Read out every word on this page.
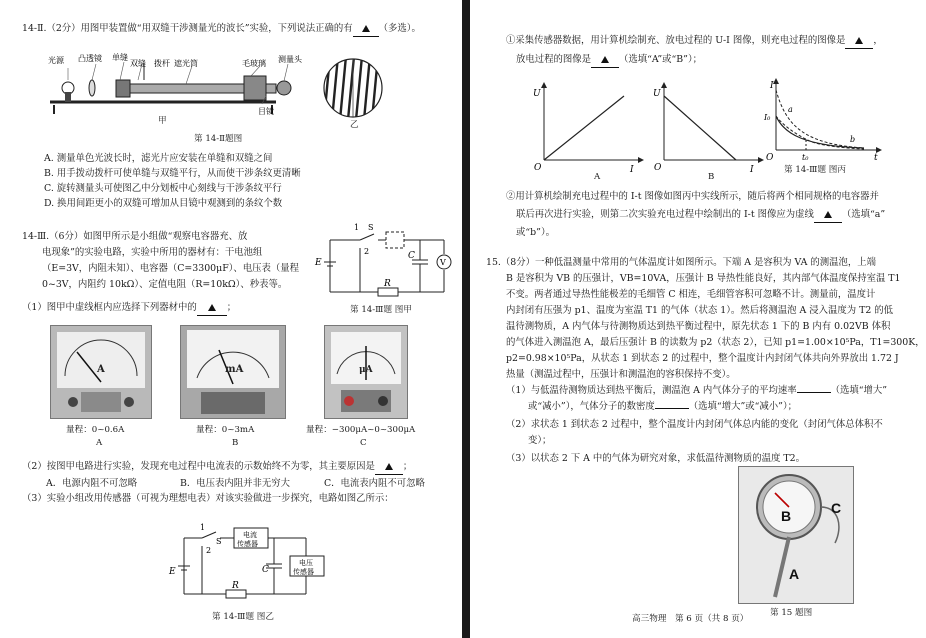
14-Ⅱ.（2分）用图甲装置做“用双缝干涉测量光的波长”实验，下列说法正确的有	（多选）。
光源 凸透镜 单缝
双缝 拨杆 遮光筒	毛玻璃 测量头
目镜
甲	乙
第 14-Ⅱ题图
A. 测量单色光波长时，滤光片应安装在单缝和双缝之间
B. 用手拨动拨杆可使单缝与双缝平行，从而使干涉条纹更清晰
C. 旋转测量头可使图乙中分划板中心刻线与干涉条纹平行
D. 换用间距更小的双缝可增加从目镜中观测到的条纹个数
14-Ⅲ.（6分）如图甲所示是小组做“观察电容器充、放
电现象”的实验电路，实验中所用的器材有：干电池组
（E=3V，内阻未知）、电容器（C=3300μF）、电压表（量程
0~3V，内阻约 10kΩ）、定值电阻（R=10kΩ）、秒表等。
1
2
S
E
C
R
V
第 14-Ⅲ题 图甲
（1）图甲中虚线框内应选择下列器材中的	；
A	mA	μA
量程：0~0.6A
A
量程：0~3mA
B
量程：−300μA~0~300μA
C
（2）按图甲电路进行实验，发现充电过程中电流表的示数始终不为零，其主要原因是	；
A．电源内阻不可忽略	B．电压表内阻并非无穷大	C．电流表内阻不可忽略
（3）实验小组改用传感器（可视为理想电表）对该实验做进一步探究，电路如图乙所示：
1
2
S
E	C
R
电流
传感器
电压
传感器
第 14-Ⅲ题 图乙
①采集传感器数据，用计算机绘制充、放电过程的 U-I 图像，则充电过程的图像是	，
放电过程的图像是	（选填“A”或“B”）；
U
O	I
A
U
O	I
B
I
I₀
a
b
O	t₀	t
第 14-Ⅲ题 图丙
②用计算机绘制充电过程中的 I-t 图像如图丙中实线所示，随后将两个相同规格的电容器并
联后再次进行实验，则第二次实验充电过程中绘制出的 I-t 图像应为虚线	（选填“a”
或“b”）。
15.（8分）一种低温测量中常用的气体温度计如图所示。下端 A 是容积为 VA 的测温泡，上端
B 是容积为 VB 的压强计，VB=10VA，压强计 B 导热性能良好，其内部气体温度保持室温 T1
不变。两者通过导热性能极差的毛细管 C 相连，毛细管容积可忽略不计。测量前，温度计
内封闭有压强为 p1、温度为室温 T1 的气体（状态 1）。然后将测温泡 A 浸入温度为 T2 的低
温待测物质，A 内气体与待测物质达到热平衡过程中，原先状态 1 下的 B 内有 0.02VB 体积
的气体进入测温泡 A，最后压强计 B 的读数为 p2（状态 2），已知 p1=1.00×10⁵Pa，T1=300K，
p2=0.98×10⁵Pa，从状态 1 到状态 2 的过程中，整个温度计内封闭气体共向外界放出 1.72 J
热量（测温过程中，压强计和测温泡的容积保持不变）。
（1）与低温待测物质达到热平衡后，测温泡 A 内气体分子的平均速率	（选填“增大”
或“减小”），气体分子的数密度	（选填“增大”或“减小”）；
（2）求状态 1 到状态 2 过程中，整个温度计内封闭气体总内能的变化（封闭气体总体积不
变）；
（3）以状态 2 下 A 中的气体为研究对象，求低温待测物质的温度 T2。
B	C
A
高三物理　第 6 页（共 8 页）
第 15 题图
